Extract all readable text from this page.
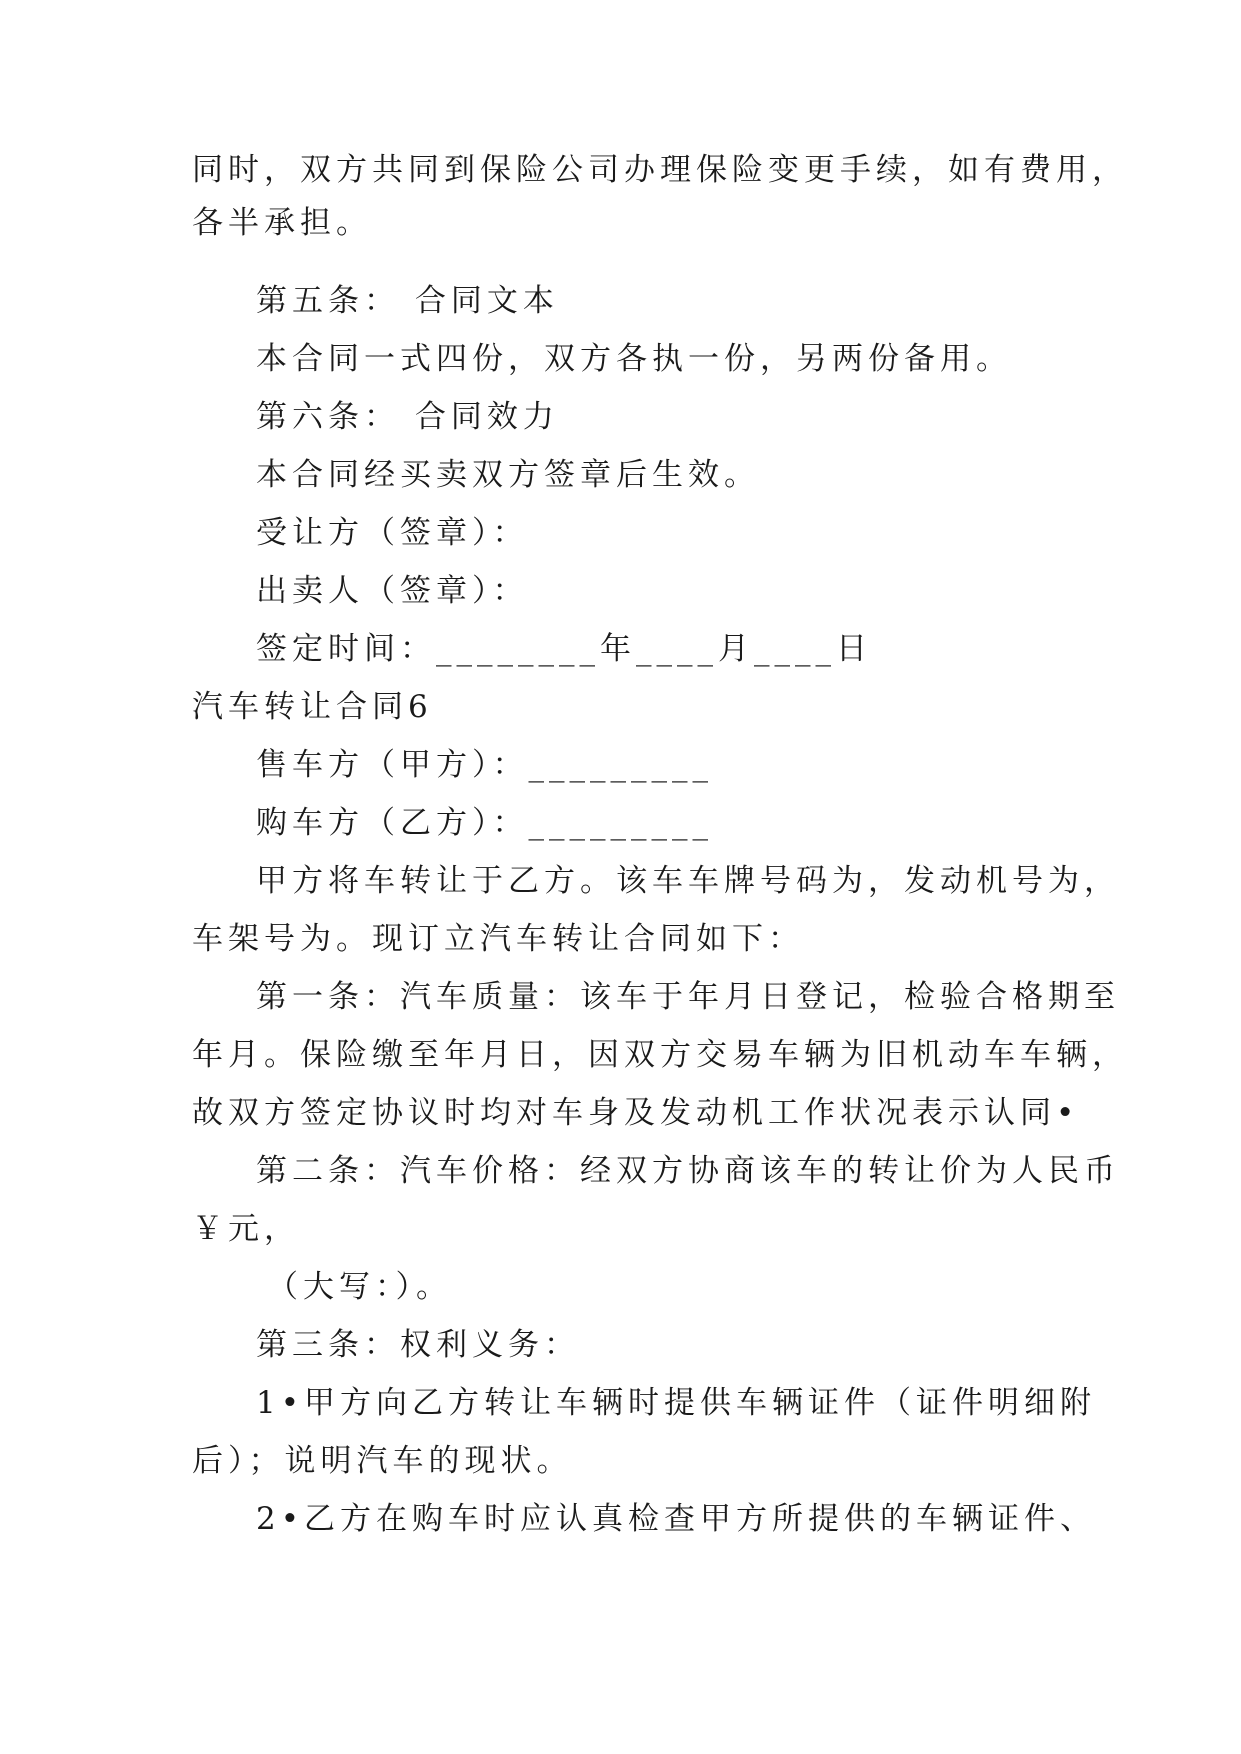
同时，双方共同到保险公司办理保险变更手续，如有费用，
各半承担。
第五条： 合同文本
本合同一式四份，双方各执一份，另两份备用。
第六条： 合同效力
本合同经买卖双方签章后生效。
受让方（签章）：
出卖人（签章）：
签定时间：________年____月____日
汽车转让合同6
售车方（甲方）：_________
购车方（乙方）：_________
甲方将车转让于乙方。该车车牌号码为，发动机号为，
车架号为。现订立汽车转让合同如下：
第一条：汽车质量：该车于年月日登记，检验合格期至
年月。保险缴至年月日，因双方交易车辆为旧机动车车辆，
故双方签定协议时均对车身及发动机工作状况表示认同•
第二条：汽车价格：经双方协商该车的转让价为人民币
￥元，
（大写：）。
第三条：权利义务：
1•甲方向乙方转让车辆时提供车辆证件（证件明细附
后）；说明汽车的现状。
2•乙方在购车时应认真检查甲方所提供的车辆证件、
